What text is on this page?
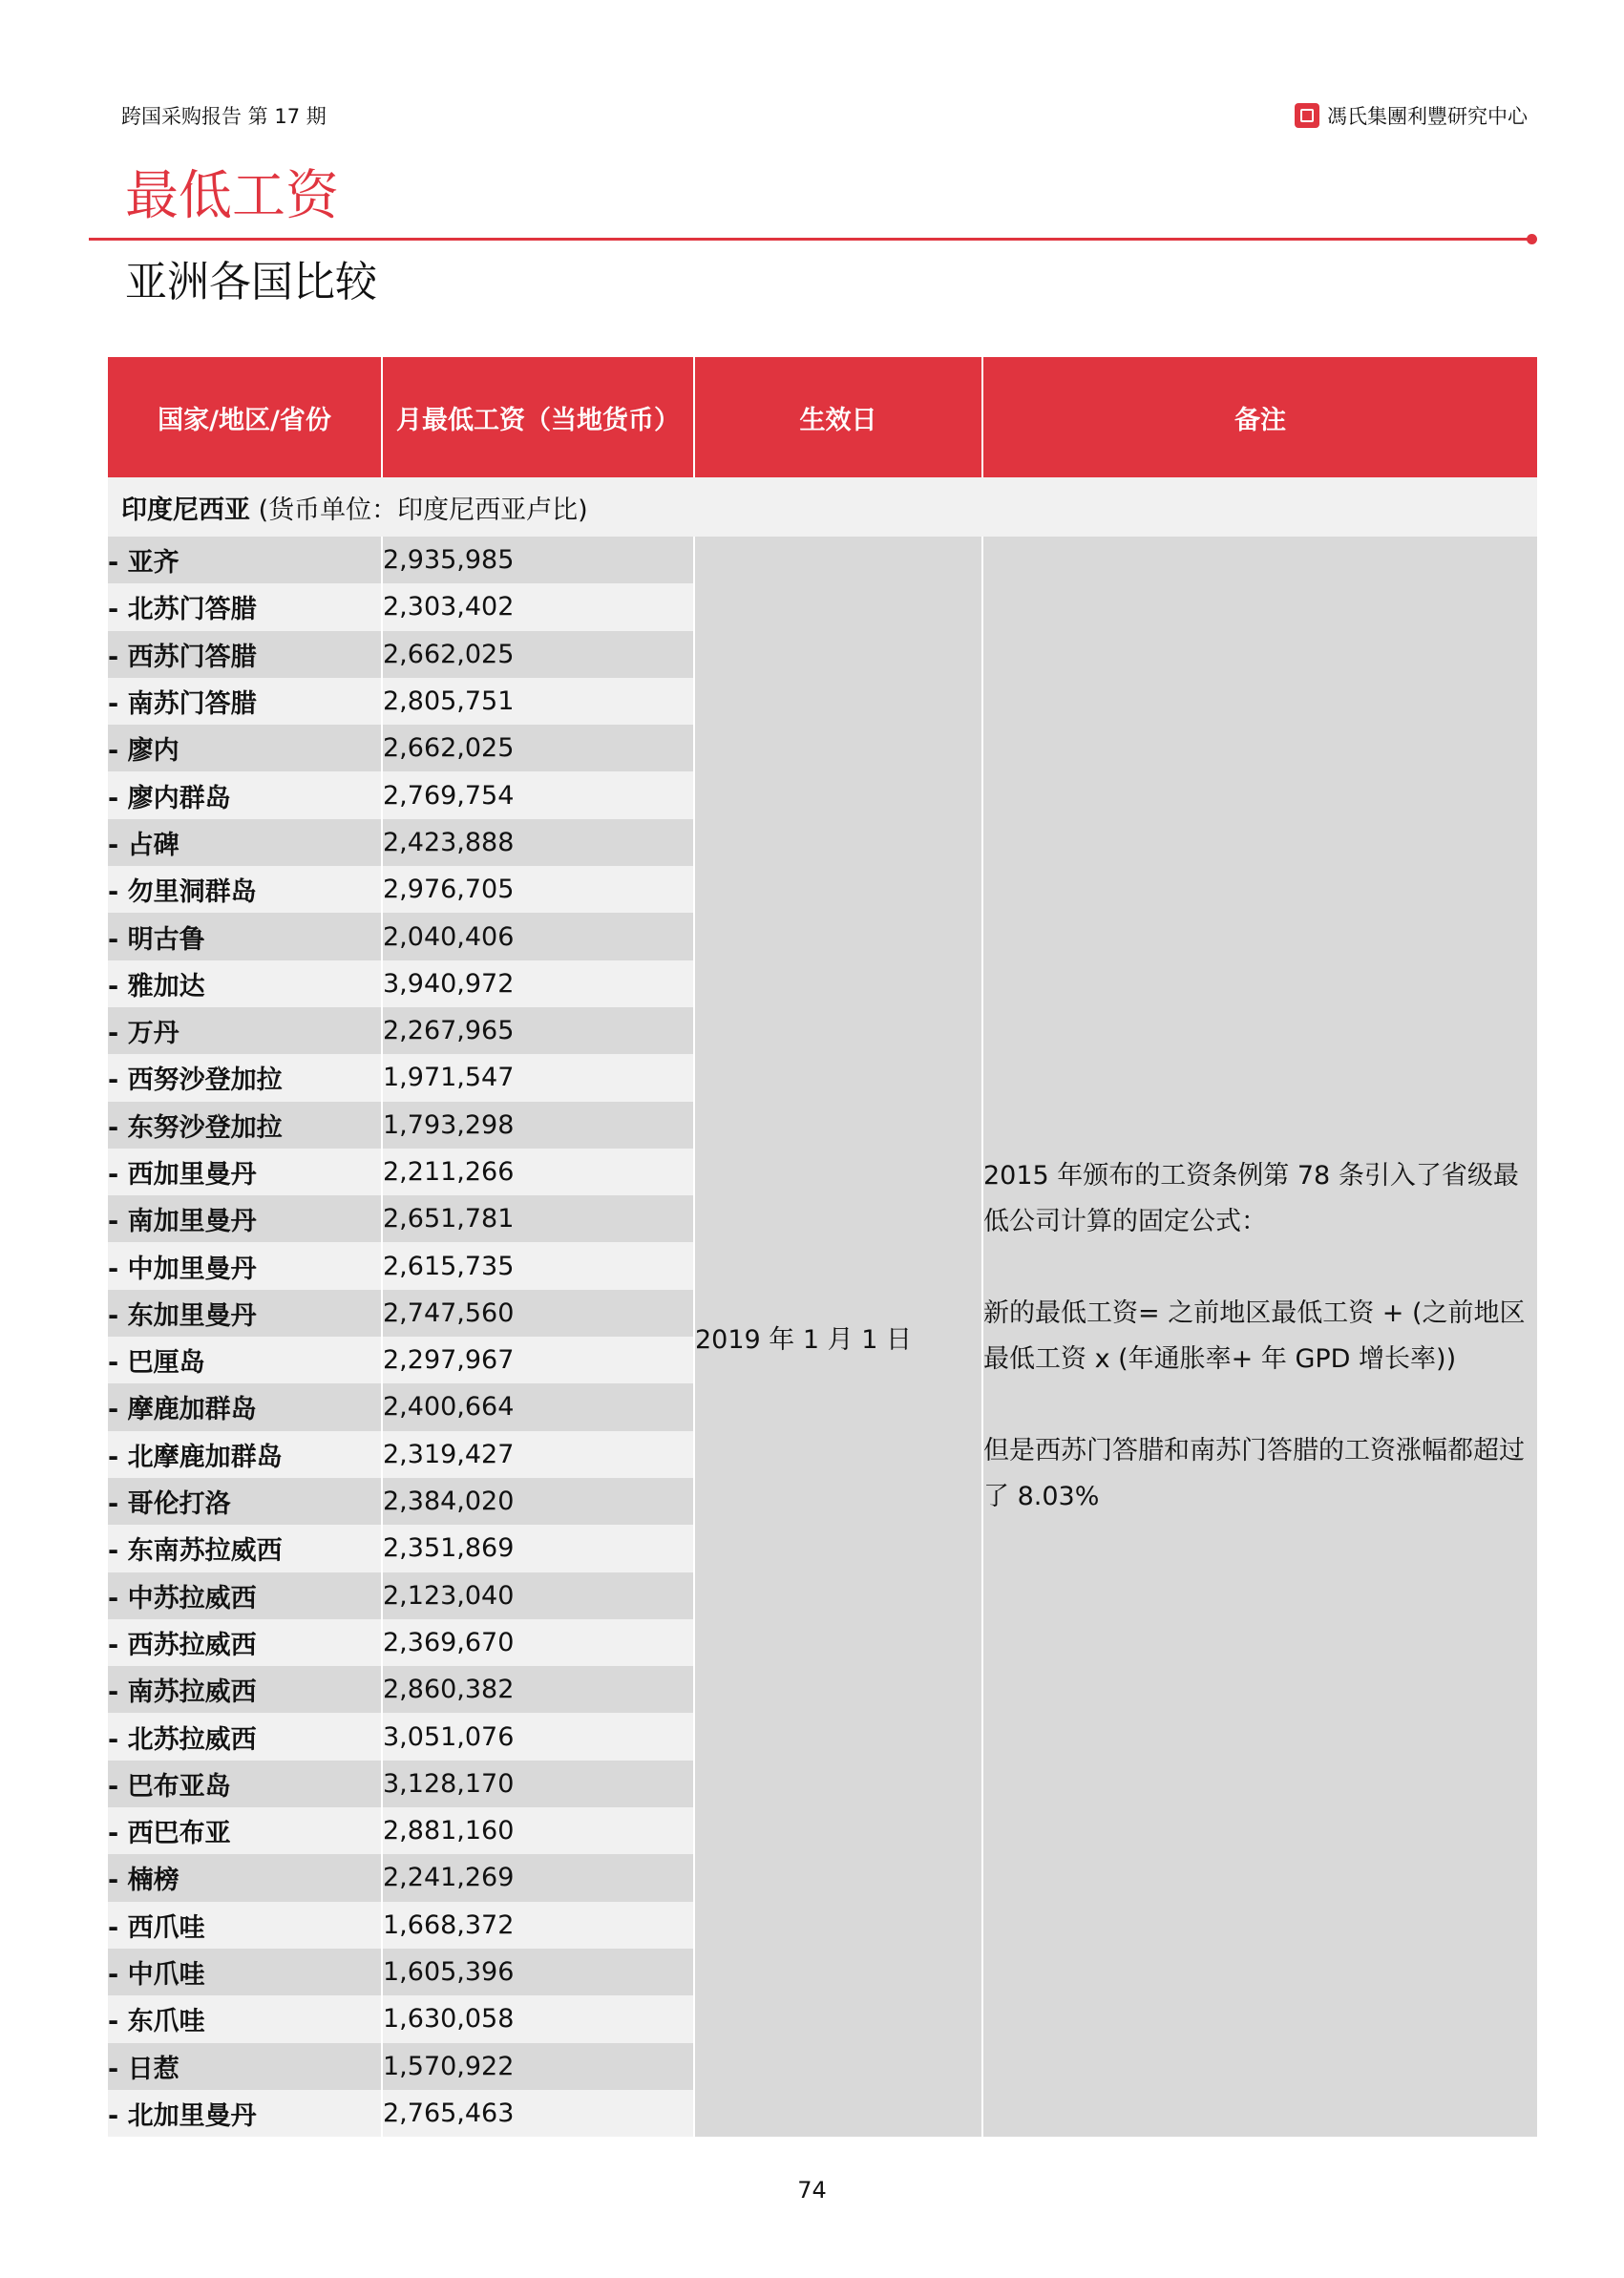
跨国采购报告 第 17 期	馮氏集團利豐研究中心
最低工资
亚洲各国比较
国家/地区/省份	月最低工资（当地货币）	生效日	备注
印度尼西亚 (货币单位：印度尼西亚卢比)			
- 亚齐	2,935,985	2019 年 1 月 1 日	2015 年颁布的工资条例第 78 条引入了省级最低公司计算的固定公式：

新的最低工资= 之前地区最低工资 + (之前地区最低工资 x (年通胀率+ 年 GPD 增长率))

但是西苏门答腊和南苏门答腊的工资涨幅都超过了 8.03%

- 北苏门答腊	2,303,402		
- 西苏门答腊	2,662,025		
- 南苏门答腊	2,805,751		
- 廖内	2,662,025		
- 廖内群岛	2,769,754		
- 占碑	2,423,888		
- 勿里洞群岛	2,976,705		
- 明古鲁	2,040,406		
- 雅加达	3,940,972		
- 万丹	2,267,965		
- 西努沙登加拉	1,971,547		
- 东努沙登加拉	1,793,298		
- 西加里曼丹	2,211,266		
- 南加里曼丹	2,651,781		
- 中加里曼丹	2,615,735		
- 东加里曼丹	2,747,560		
- 巴厘岛	2,297,967		
- 摩鹿加群岛	2,400,664		
- 北摩鹿加群岛	2,319,427		
- 哥伦打洛	2,384,020		
- 东南苏拉威西	2,351,869		
- 中苏拉威西	2,123,040		
- 西苏拉威西	2,369,670		
- 南苏拉威西	2,860,382		
- 北苏拉威西	3,051,076		
- 巴布亚岛	3,128,170		
- 西巴布亚	2,881,160		
- 楠榜	2,241,269		
- 西爪哇	1,668,372		
- 中爪哇	1,605,396		
- 东爪哇	1,630,058		
- 日惹	1,570,922		
- 北加里曼丹	2,765,463		
74
